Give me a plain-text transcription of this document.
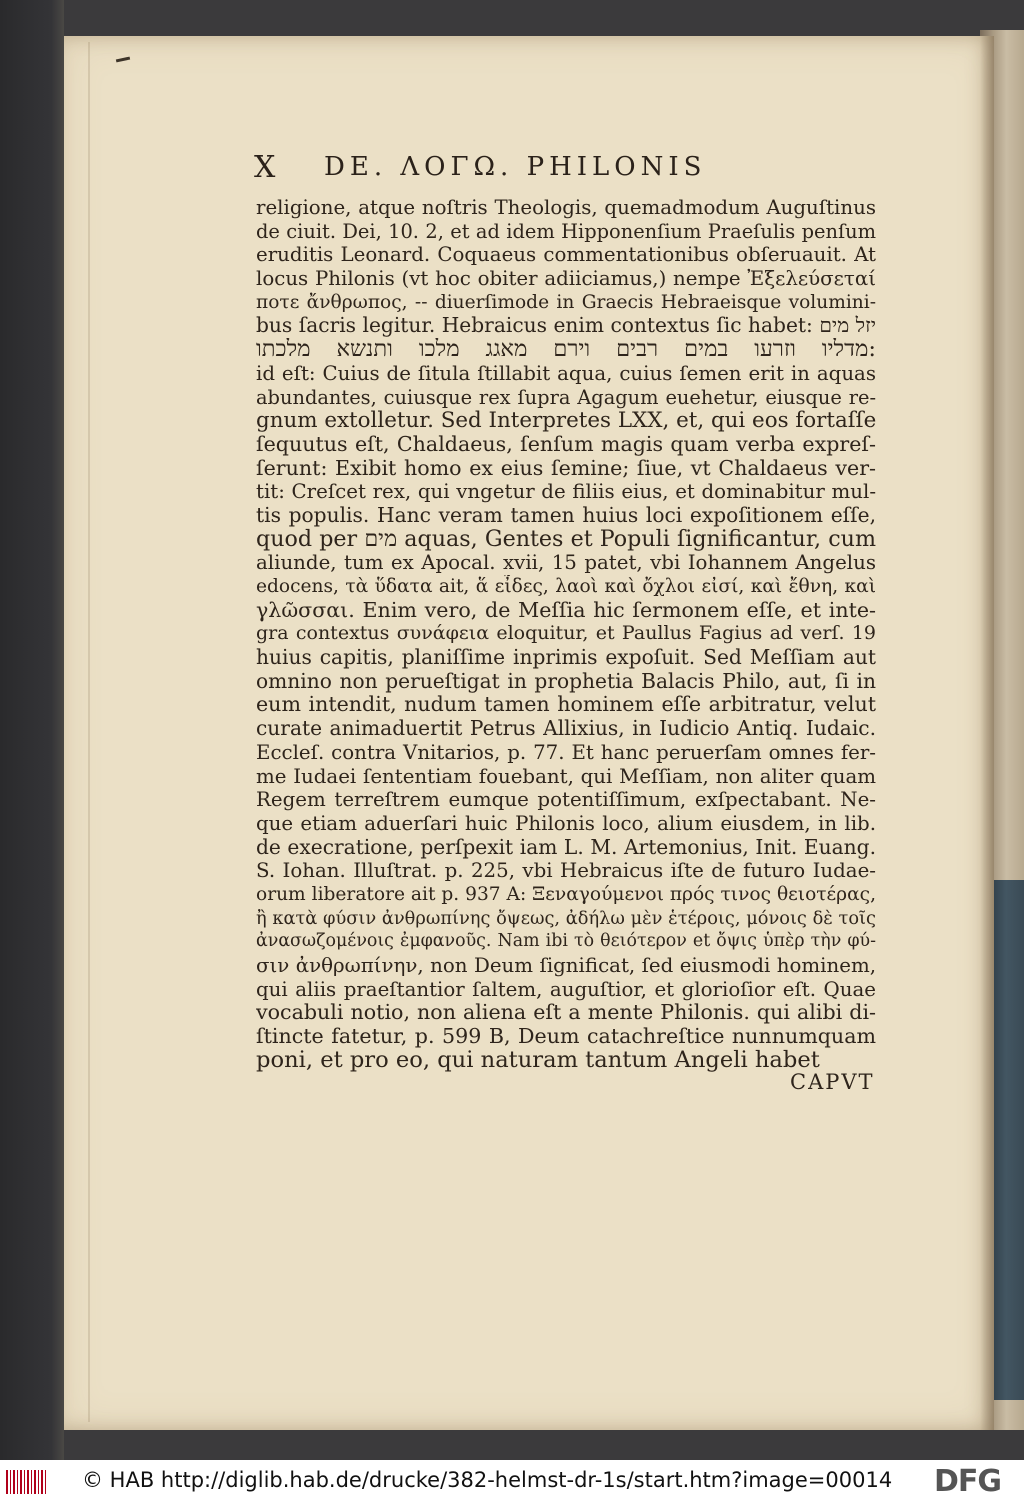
X DE. ΛΟΓΩ. PHILONIS
religione, atque noſtris Theologis, quemadmodum Auguſtinus
de ciuit. Dei, 10. 2, et ad idem Hipponenſium Praeſulis penſum
eruditis Leonard. Coquaeus commentationibus obſeruauit. At
locus Philonis (vt hoc obiter adiiciamus,) nempe Ἐξελεύσεταί
ποτε ἄνθρωπος, -- diuerſimode in Graecis Hebraeisque volumini-
bus ſacris legitur. Hebraicus enim contextus ſic habet: יזל מים
מדליו וזרעו במים רבים וירם מאגג מלכו ותנשא מלכתו:
id eſt: Cuius de ſitula ſtillabit aqua, cuius ſemen erit in aquas
abundantes, cuiusque rex ſupra Agagum euehetur, eiusque re-
gnum extolletur. Sed Interpretes LXX, et, qui eos fortaſſe
ſequutus eſt, Chaldaeus, ſenſum magis quam verba expreſ-
ſerunt: Exibit homo ex eius ſemine; ſiue, vt Chaldaeus ver-
tit: Creſcet rex, qui vngetur de filiis eius, et dominabitur mul-
tis populis. Hanc veram tamen huius loci expoſitionem eſſe,
quod per מים aquas, Gentes et Populi ſignificantur, cum
aliunde, tum ex Apocal. xvii, 15 patet, vbi Iohannem Angelus
edocens, τὰ ὕδατα ait, ἅ εἶδες, λαοὶ καὶ ὄχλοι εἰσί, καὶ ἔθνη, καὶ
γλῶσσαι. Enim vero, de Meſſia hic ſermonem eſſe, et inte-
gra contextus συνάφεια eloquitur, et Paullus Fagius ad verſ. 19
huius capitis, planiſſime inprimis expoſuit. Sed Meſſiam aut
omnino non perueſtigat in prophetia Balacis Philo, aut, ſi in
eum intendit, nudum tamen hominem eſſe arbitratur, velut
curate animaduertit Petrus Allixius, in Iudicio Antiq. Iudaic.
Eccleſ. contra Vnitarios, p. 77. Et hanc peruerſam omnes fer-
me Iudaei ſententiam fouebant, qui Meſſiam, non aliter quam
Regem terreſtrem eumque potentiſſimum, exſpectabant. Ne-
que etiam aduerſari huic Philonis loco, alium eiusdem, in lib.
de execratione, perſpexit iam L. M. Artemonius, Init. Euang.
S. Iohan. Illuſtrat. p. 225, vbi Hebraicus iſte de futuro Iudae-
orum liberatore ait p. 937 A: Ξεναγούμενοι πρός τινος θειοτέρας,
ἢ κατὰ φύσιν ἀνθρωπίνης ὄψεως, ἀδήλω μὲν ἑτέροις, μόνοις δὲ τοῖς
ἀνασωζομένοις ἐμφανοῦς. Nam ibi τὸ θειότερον et ὄψις ὑπὲρ τὴν φύ-
σιν ἀνθρωπίνην, non Deum ſignificat, ſed eiusmodi hominem,
qui aliis praeſtantior ſaltem, auguſtior, et glorioſior eſt. Quae
vocabuli notio, non aliena eſt a mente Philonis. qui alibi di-
ſtincte fatetur, p. 599 B, Deum catachreſtice nunnumquam
poni, et pro eo, qui naturam tantum Angeli habet
CAPVT
© HAB http://diglib.hab.de/drucke/382-helmst-dr-1s/start.htm?image=00014 DFG
